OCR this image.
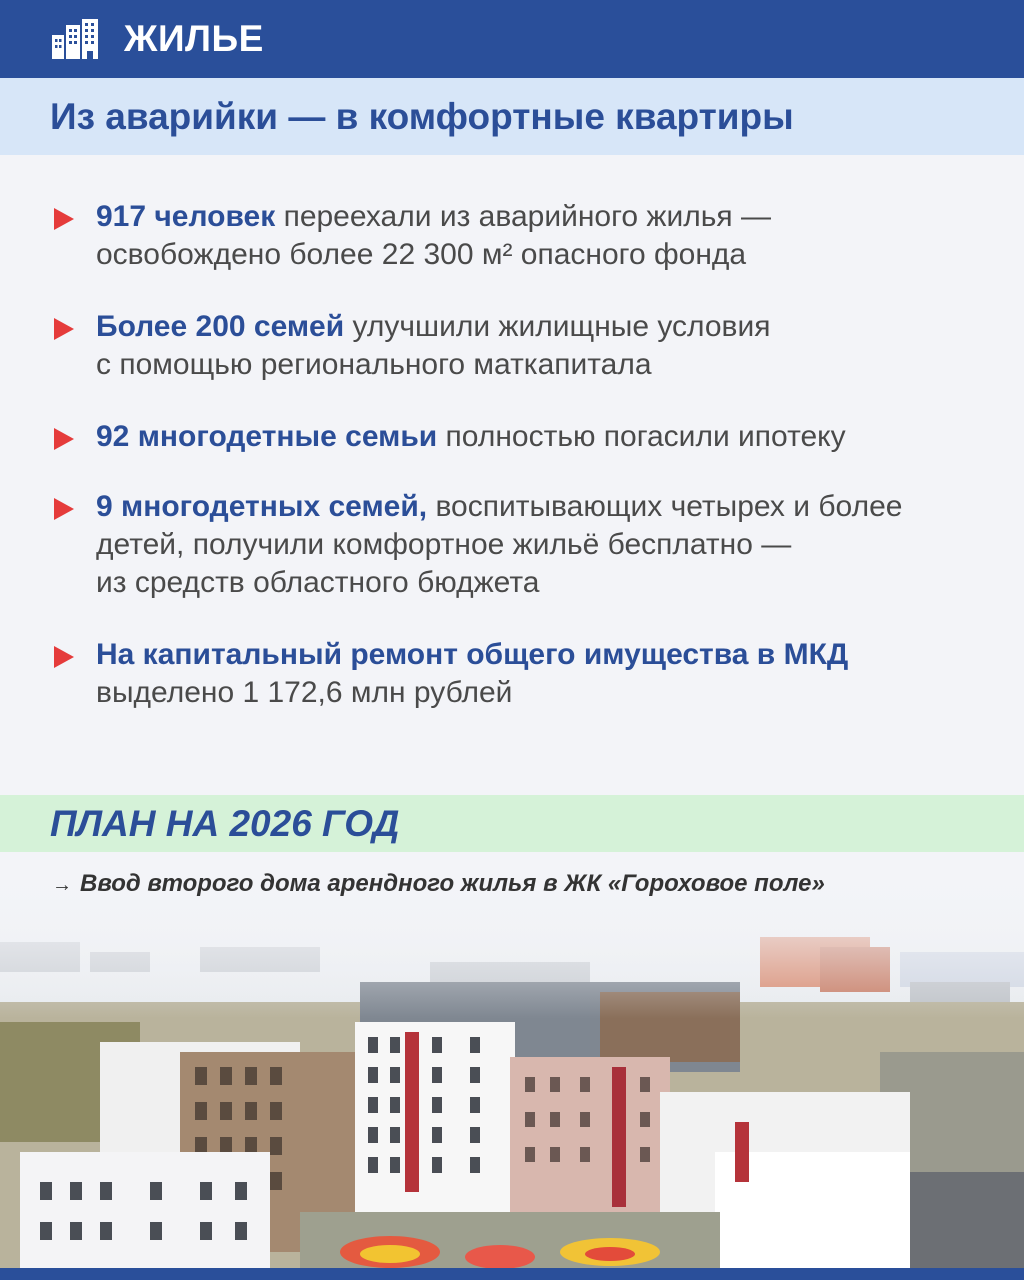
ЖИЛЬЕ
Из аварийки — в комфортные квартиры
917 человек переехали из аварийного жилья —
освобождено более 22 300 м² опасного фонда
Более 200 семей улучшили жилищные условия
с помощью регионального маткапитала
92 многодетные семьи полностью погасили ипотеку
9 многодетных семей, воспитывающих четырех и более
детей, получили комфортное жильё бесплатно —
из средств областного бюджета
На капитальный ремонт общего имущества в МКД
выделено 1 172,6 млн рублей
ПЛАН НА 2026 ГОД
→ Ввод второго дома арендного жилья в ЖК «Гороховое поле»
